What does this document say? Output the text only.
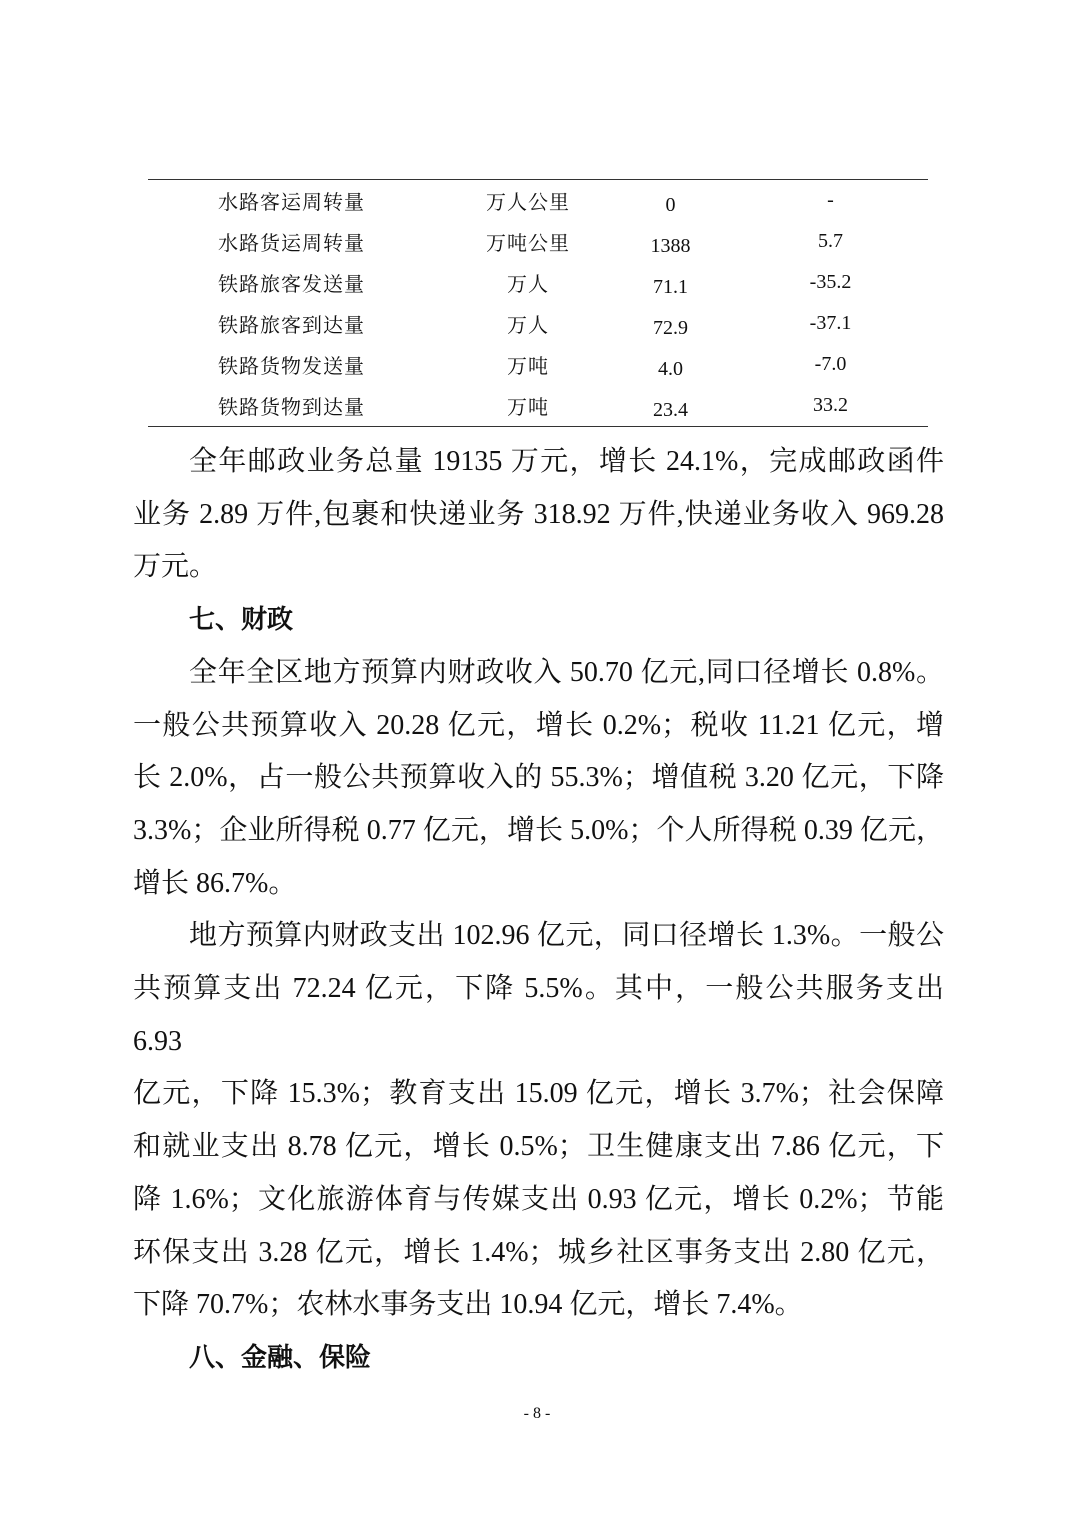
水路客运周转量	万人公里	0	-
水路货运周转量	万吨公里	1388	5.7
铁路旅客发送量	万人	71.1	-35.2
铁路旅客到达量	万人	72.9	-37.1
铁路货物发送量	万吨	4.0	-7.0
铁路货物到达量	万吨	23.4	33.2
全年邮政业务总量 19135 万元，增长 24.1%，完成邮政函件
业务 2.89 万件,包裹和快递业务 318.92 万件,快递业务收入 969.28
万元。
七、财政
全年全区地方预算内财政收入 50.70 亿元,同口径增长 0.8%。
一般公共预算收入 20.28 亿元，增长 0.2%；税收 11.21 亿元，增
长 2.0%，占一般公共预算收入的 55.3%；增值税 3.20 亿元，下降
3.3%；企业所得税 0.77 亿元，增长 5.0%；个人所得税 0.39 亿元，
增长 86.7%。
地方预算内财政支出 102.96 亿元，同口径增长 1.3%。一般公
共预算支出 72.24 亿元，下降 5.5%。其中，一般公共服务支出 6.93
亿元，下降 15.3%；教育支出 15.09 亿元，增长 3.7%；社会保障
和就业支出 8.78 亿元，增长 0.5%；卫生健康支出 7.86 亿元，下
降 1.6%；文化旅游体育与传媒支出 0.93 亿元，增长 0.2%；节能
环保支出 3.28 亿元，增长 1.4%；城乡社区事务支出 2.80 亿元，
下降 70.7%；农林水事务支出 10.94 亿元，增长 7.4%。
八、金融、保险
- 8 -
